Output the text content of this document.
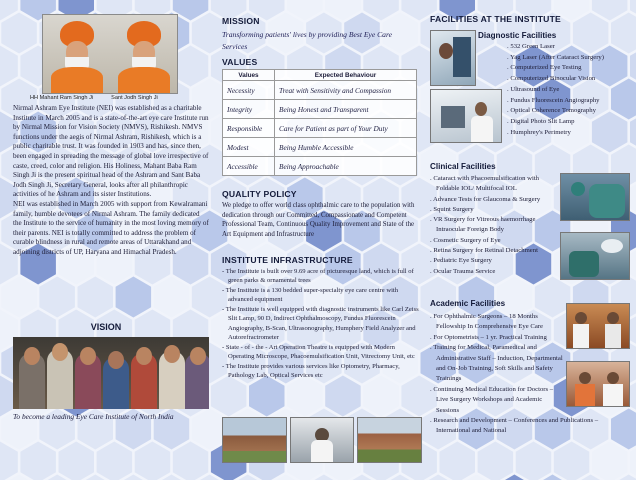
HH Mahant Ram Singh Ji	Sant Jodh Singh Ji

Nirmal Ashram Eye Institute (NEI) was established as a charitable Institute in March 2005 and is a state-of-the-art eye care Institute run by Nirmal Mission for Vision Society (NMVS), Rishikesh. NMVS functions under the aegis of Nirmal Ashram, Rishikesh, which is a public charitable trust. It was founded in 1903 and has, since then, been engaged in spreading the message of global love irrespective of caste, creed, color and religion. His Holiness, Mahant Baba Ram Singh Ji is the present spiritual head of the Ashram and Sant Baba Jodh Singh Ji, Secretary General, looks after all philanthropic activities of he Ashram and its sister Institutions.

NEI was established in March 2005 with support from Kewalramani family, humble devotees of Nirmal Ashram. The family dedicated the Institute to the service of humanity in the most loving memory of their parents. NEI is totally committed to address the problem of curable blindness in rural and remote areas of Uttarakhand and adjoining districts of UP, Haryana and Himachal Pradesh.

VISION
To become a leading Eye Care Institute of North India
MISSION
Transforming patients' lives by providing Best Eye Care Services
VALUES
Values	Expected Behaviour
Necessity	Treat with Sensitivity and Compassion
Integrity	Being Honest and Transparent
Responsible	Care for Patient as part of Your Duty
Modest	Being Humble Accessible
Accessible	Being Approachable
QUALITY POLICY
We pledge to offer world class ophthalmic care to the population with dedication through our Committed, Compassionate and Competent Professional Team, Continuous Quality Improvement and State of the Art Equipment and Infrastructure
INSTITUTE INFRASTRUCTURE
- The Institute is built over 9.69 acre of picturesque land, which is full of green parks & ornamental trees
- The Institute is a 130 bedded super-specialty eye care centre with advanced equipment
- The Institute is well equipped with diagnostic instruments like Carl Zeiss Slit Lamp, 90 D, Indirect Ophthalmoscopy, Fundus Fluorescein Angiography, B-Scan, Ultrasonography, Humphery Field Analyzer and Autorefractrometer
- State - of - the - Art Operation Theatre is equipped with Modern Operating Microscope, Phacoemulsification Unit, Vitrectomy Unit, etc
- The Institute provides various services like Optometry, Pharmacy, Pathology Lab, Optical Services etc
FACILITIES AT THE INSTITUTE
Diagnostic Facilities
. 532 Green Laser
. Yag Laser (After Cataract Surgery)
. Computerized Eye Testing
. Computerized Binocular Vision
. Ultrasound of Eye
. Fundus Fluorescein Angiography
. Optical Coherence Tomography
. Digital Photo Slit Lamp
. Humphrey's Perimetry
Clinical Facilities
. Cataract with Phacoemulsification with Foldable IOL/ Multifocal IOL
. Advance Tests for Glaucoma & Surgery
. Squint Surgery
. VR Surgery for Vitreous haemorrhage Intraocular Foreign Body
. Cosmetic Surgery of Eye
. Retina Surgery for Retinal Detachment
. Pediatric Eye Surgery
. Ocular Trauma Service
Academic Facilities
. For Ophthalmic Surgeons – 18 Months Fellowship In Comprehensive Eye Care
. For Optometrists – 1 yr. Practical Training
. Training for Medical, Paramedical and Administrative Staff – Induction, Departmental and On-Job Training, Soft Skills and Safety Trainings
. Continuing Medical Education for Doctors – Live Surgery Workshops and Academic Sessions
. Research and Development – Conferences and Publications – International and National
